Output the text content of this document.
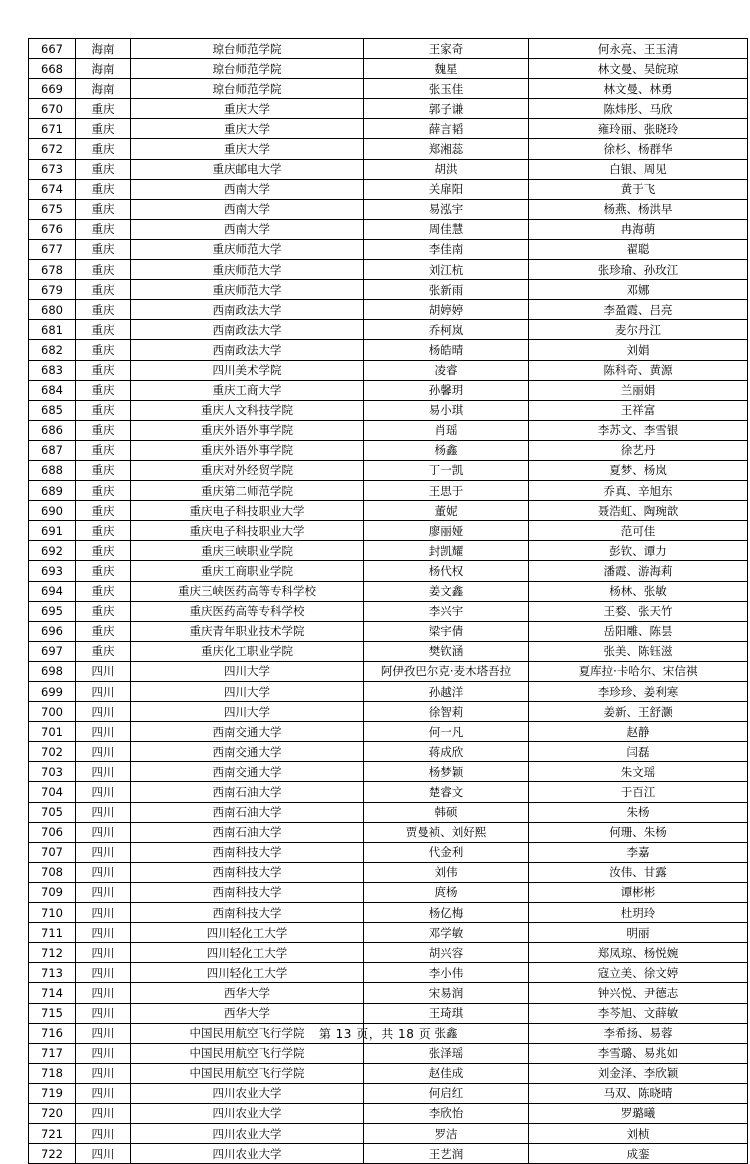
667	海南	琼台师范学院	王家奇	何永亮、王玉清
668	海南	琼台师范学院	魏星	林文曼、吴皖琼
669	海南	琼台师范学院	张玉佳	林文曼、林勇
670	重庆	重庆大学	郭子谦	陈炜彤、马欣
671	重庆	重庆大学	薛言韬	雍玲丽、张晓玲
672	重庆	重庆大学	郑湘蕊	徐杉、杨群华
673	重庆	重庆邮电大学	胡洪	白银、周见
674	重庆	西南大学	关扉阳	黄于飞
675	重庆	西南大学	易泓宇	杨燕、杨洪早
676	重庆	西南大学	周佳慧	冉海萌
677	重庆	重庆师范大学	李佳南	翟聪
678	重庆	重庆师范大学	刘江杭	张珍瑜、孙玫江
679	重庆	重庆师范大学	张新雨	邓娜
680	重庆	西南政法大学	胡婷婷	李盈霞、吕亮
681	重庆	西南政法大学	乔柯岚	麦尔丹江
682	重庆	西南政法大学	杨皓晴	刘娟
683	重庆	四川美术学院	凌睿	陈科奇、黄源
684	重庆	重庆工商大学	孙馨玥	兰丽娟
685	重庆	重庆人文科技学院	易小琪	王祥富
686	重庆	重庆外语外事学院	肖瑶	李苏文、李雪银
687	重庆	重庆外语外事学院	杨鑫	徐艺丹
688	重庆	重庆对外经贸学院	丁一凯	夏梦、杨岚
689	重庆	重庆第二师范学院	王思于	乔真、辛旭东
690	重庆	重庆电子科技职业大学	董妮	聂浩虹、陶琬歆
691	重庆	重庆电子科技职业大学	廖丽娅	范可佳
692	重庆	重庆三峡职业学院	封凯耀	彭钦、谭力
693	重庆	重庆工商职业学院	杨代权	潘霞、游海莉
694	重庆	重庆三峡医药高等专科学校	姜文鑫	杨林、张敏
695	重庆	重庆医药高等专科学校	李兴宇	王婺、张天竹
696	重庆	重庆青年职业技术学院	梁宇倩	岳阳雕、陈昙
697	重庆	重庆化工职业学院	樊钦涵	张美、陈钰滋
698	四川	四川大学	阿伊孜巴尔克·麦木塔吾拉	夏库拉·卡哈尔、宋信祺
699	四川	四川大学	孙越洋	李珍珍、姜利寒
700	四川	四川大学	徐智莉	姜新、王舒灏
701	四川	西南交通大学	何一凡	赵静
702	四川	西南交通大学	蒋成欣	闫磊
703	四川	西南交通大学	杨梦颖	朱文瑶
704	四川	西南石油大学	楚睿文	于百江
705	四川	西南石油大学	韩硕	朱杨
706	四川	西南石油大学	贾曼祯、刘好熙	何珊、朱杨
707	四川	西南科技大学	代金利	李嘉
708	四川	西南科技大学	刘伟	汝伟、甘露
709	四川	西南科技大学	庹杨	谭彬彬
710	四川	西南科技大学	杨亿梅	杜玥玲
711	四川	四川轻化工大学	邓学敏	明丽
712	四川	四川轻化工大学	胡兴容	郑凤琼、杨悦婉
713	四川	四川轻化工大学	李小伟	寇立美、徐文婷
714	四川	西华大学	宋易润	钟兴悦、尹德志
715	四川	西华大学	王琦琪	李芩旭、文薛敏
716	四川	中国民用航空飞行学院	张鑫	李希扬、易蓉
717	四川	中国民用航空飞行学院	张泽瑶	李雪璐、易兆如
718	四川	中国民用航空飞行学院	赵佳成	刘金泽、李欣颖
719	四川	四川农业大学	何启红	马双、陈晓晴
720	四川	四川农业大学	李欣怡	罗璐曦
721	四川	四川农业大学	罗洁	刘桢
722	四川	四川农业大学	王艺润	成銮
第 13 页，共 18 页
